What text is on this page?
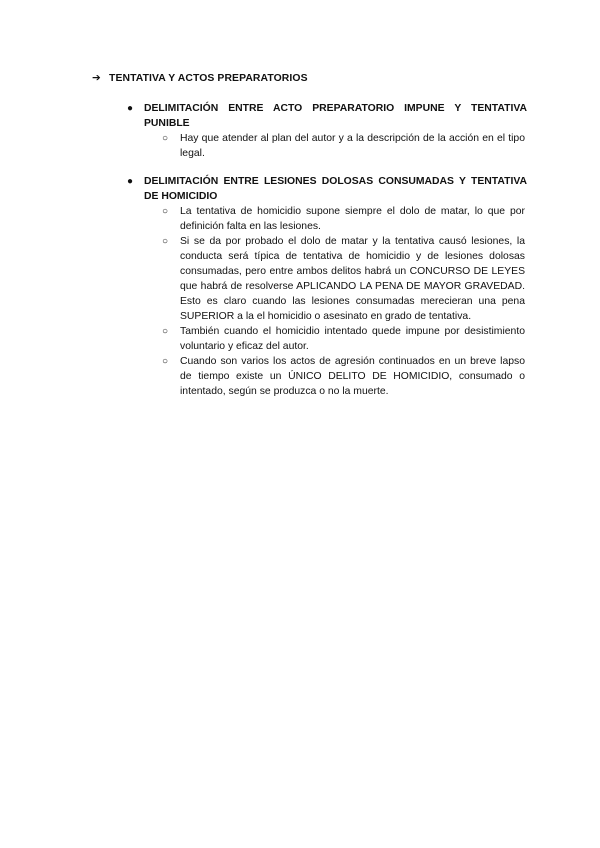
➔ TENTATIVA Y ACTOS PREPARATORIOS
● DELIMITACIÓN ENTRE ACTO PREPARATORIO IMPUNE Y TENTATIVA PUNIBLE
○ Hay que atender al plan del autor y a la descripción de la acción en el tipo legal.
● DELIMITACIÓN ENTRE LESIONES DOLOSAS CONSUMADAS Y TENTATIVA DE HOMICIDIO
○ La tentativa de homicidio supone siempre el dolo de matar, lo que por definición falta en las lesiones.
○ Si se da por probado el dolo de matar y la tentativa causó lesiones, la conducta será típica de tentativa de homicidio y de lesiones dolosas consumadas, pero entre ambos delitos habrá un CONCURSO DE LEYES que habrá de resolverse APLICANDO LA PENA DE MAYOR GRAVEDAD. Esto es claro cuando las lesiones consumadas merecieran una pena SUPERIOR a la el homicidio o asesinato en grado de tentativa.
○ También cuando el homicidio intentado quede impune por desistimiento voluntario y eficaz del autor.
○ Cuando son varios los actos de agresión continuados en un breve lapso de tiempo existe un ÚNICO DELITO DE HOMICIDIO, consumado o intentado, según se produzca o no la muerte.
